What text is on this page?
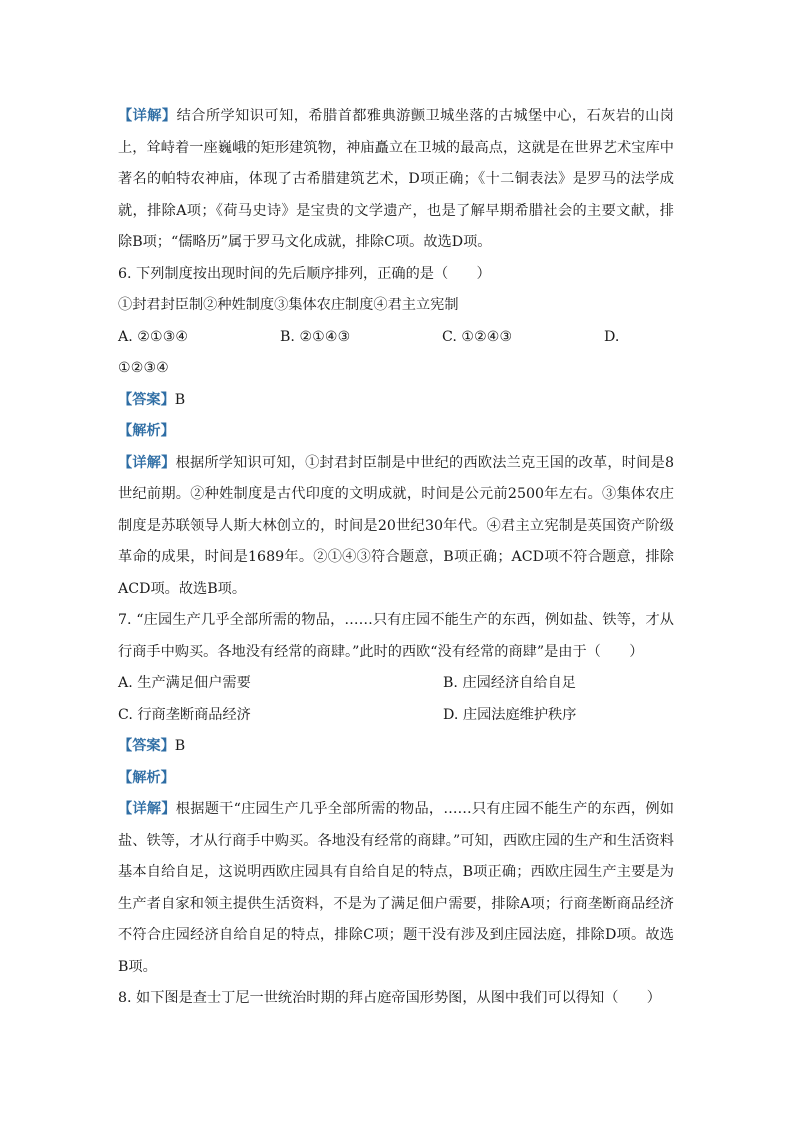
【详解】结合所学知识可知，希腊首都雅典游颤卫城坐落的古城堡中心，石灰岩的山岗上，耸峙着一座巍峨的矩形建筑物，神庙矗立在卫城的最高点，这就是在世界艺术宝库中著名的帕特农神庙，体现了古希腊建筑艺术，D项正确；《十二铜表法》是罗马的法学成就，排除A项；《荷马史诗》是宝贵的文学遗产，也是了解早期希腊社会的主要文献，排除B项；“儒略历”属于罗马文化成就，排除C项。故选D项。

6. 下列制度按出现时间的先后顺序排列，正确的是（　　）

①封君封臣制②种姓制度③集体农庄制度④君主立宪制

A. ②①③④	B. ②①④③	C. ①②④③	D.

①②③④

【答案】B

【解析】

【详解】根据所学知识可知，①封君封臣制是中世纪的西欧法兰克王国的改革，时间是8世纪前期。②种姓制度是古代印度的文明成就，时间是公元前2500年左右。③集体农庄制度是苏联领导人斯大林创立的，时间是20世纪30年代。④君主立宪制是英国资产阶级革命的成果，时间是1689年。②①④③符合题意，B项正确；ACD项不符合题意，排除ACD项。故选B项。

7. “庄园生产几乎全部所需的物品，……只有庄园不能生产的东西，例如盐、铁等，才从行商手中购买。各地没有经常的商肆。”此时的西欧“没有经常的商肆”是由于（　　）

A. 生产满足佃户需要	B. 庄园经济自给自足
C. 行商垄断商品经济	D. 庄园法庭维护秩序

【答案】B

【解析】

【详解】根据题干“庄园生产几乎全部所需的物品，……只有庄园不能生产的东西，例如盐、铁等，才从行商手中购买。各地没有经常的商肆。”可知，西欧庄园的生产和生活资料基本自给自足，这说明西欧庄园具有自给自足的特点，B项正确；西欧庄园生产主要是为生产者自家和领主提供生活资料，不是为了满足佃户需要，排除A项；行商垄断商品经济不符合庄园经济自给自足的特点，排除C项；题干没有涉及到庄园法庭，排除D项。故选B项。

8. 如下图是查士丁尼一世统治时期的拜占庭帝国形势图，从图中我们可以得知（　　）
